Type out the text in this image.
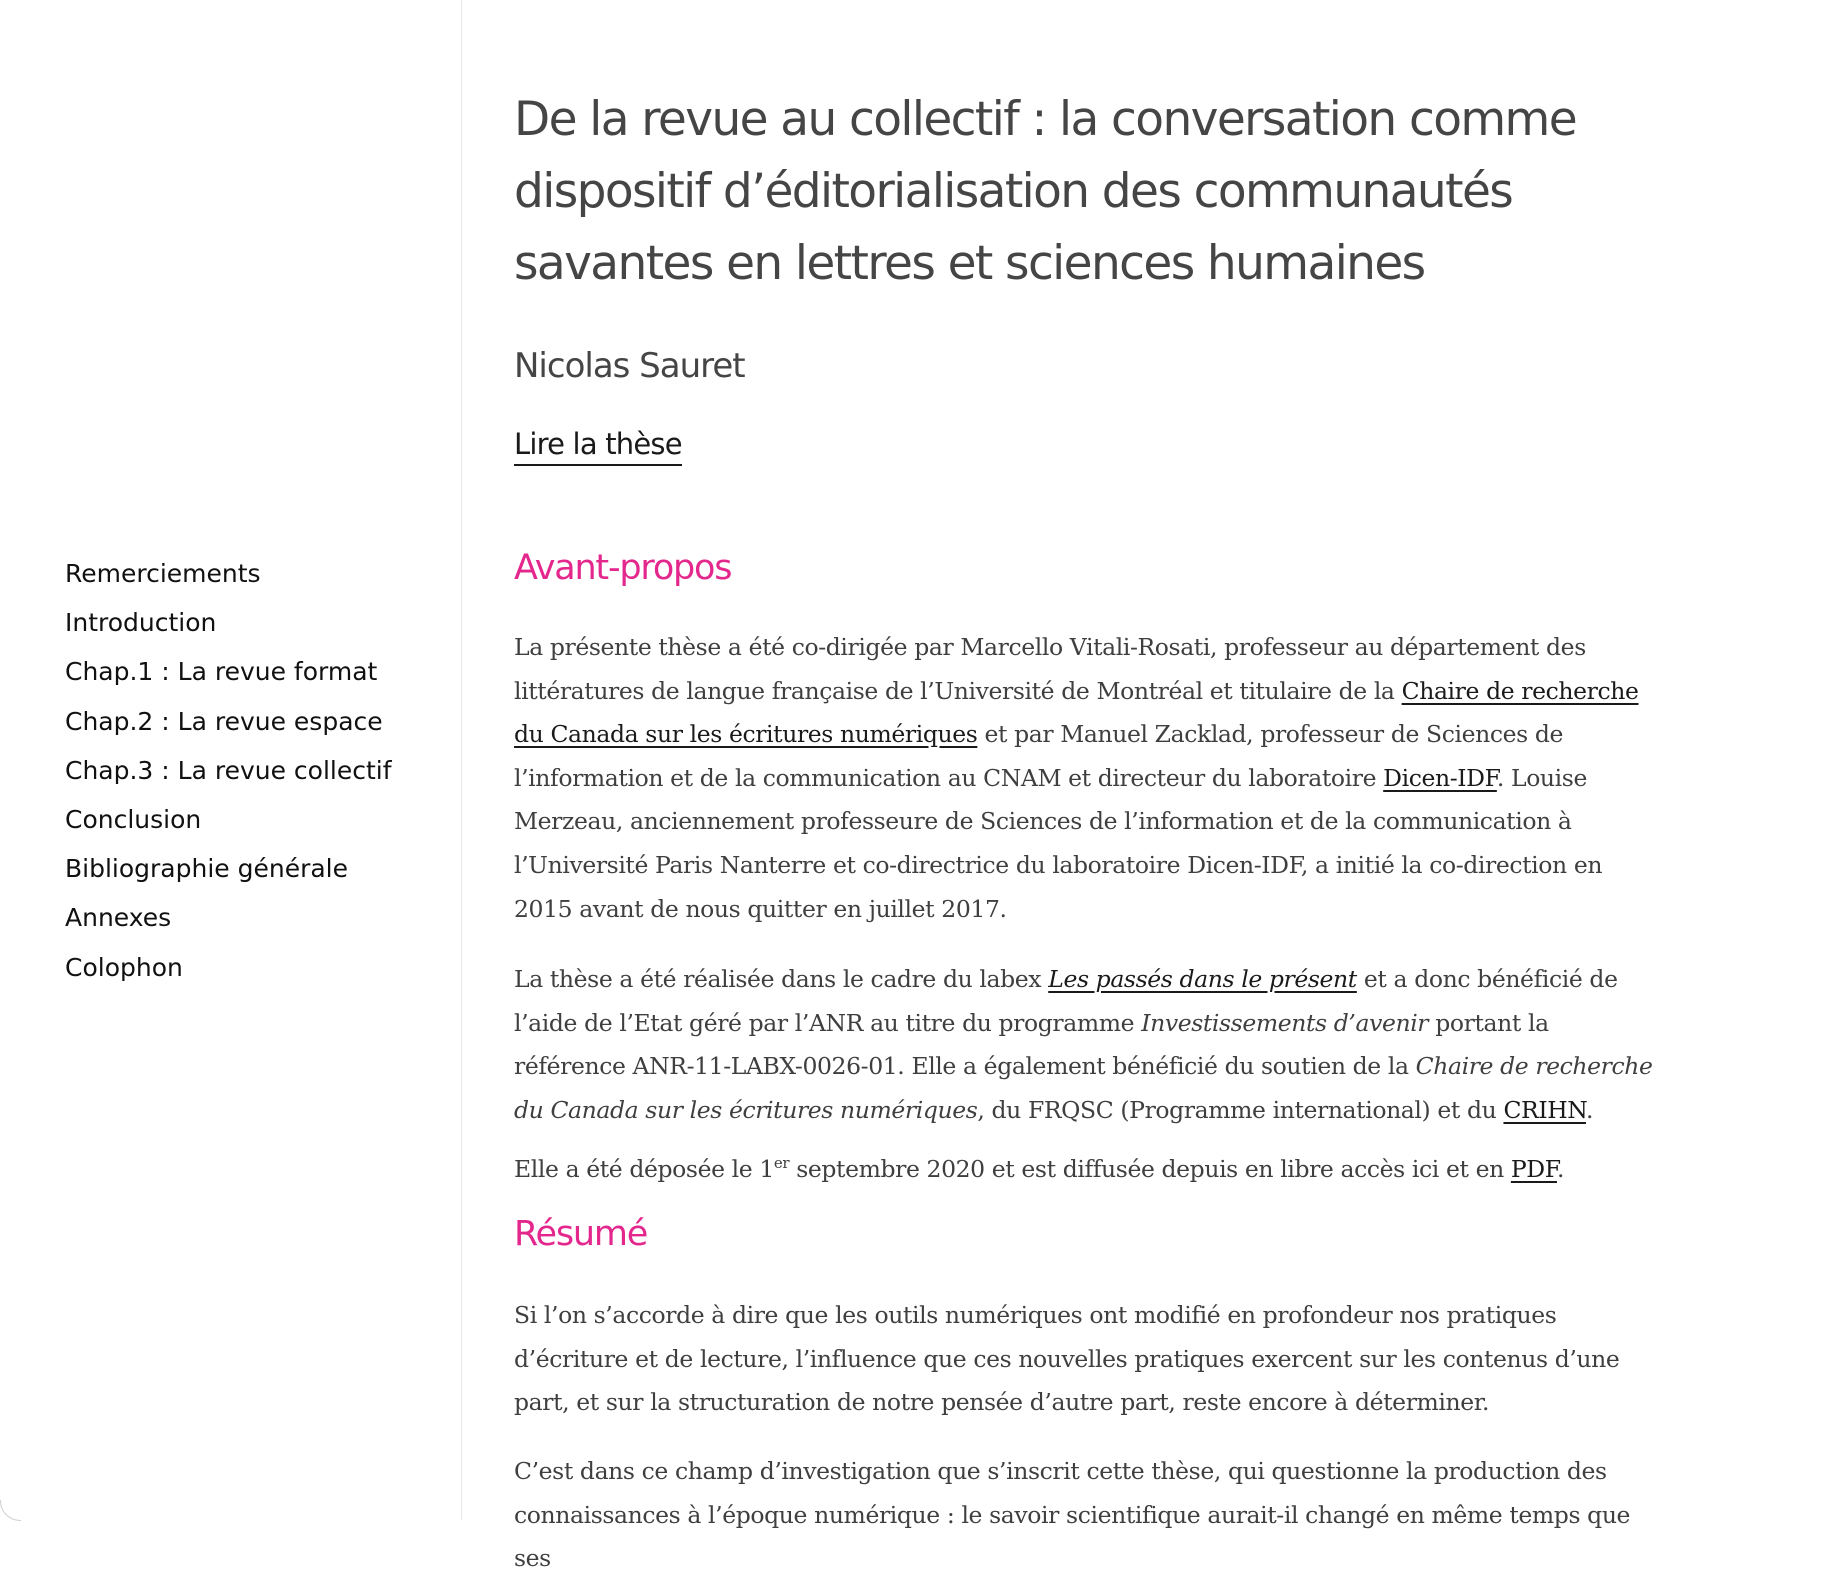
Remerciements
Introduction
Chap.1 : La revue format
Chap.2 : La revue espace
Chap.3 : La revue collectif
Conclusion
Bibliographie générale
Annexes
Colophon
De la revue au collectif : la conversation comme dispositif d’éditorialisation des communautés savantes en lettres et sciences humaines
Nicolas Sauret
Lire la thèse
Avant-propos

La présente thèse a été co-dirigée par Marcello Vitali-Rosati, professeur au département des littératures de langue française de l’Université de Montréal et titulaire de la Chaire de recherche du Canada sur les écritures numériques et par Manuel Zacklad, professeur de Sciences de l’information et de la communication au CNAM et directeur du laboratoire Dicen-IDF. Louise Merzeau, anciennement professeure de Sciences de l’information et de la communication à l’Université Paris Nanterre et co-directrice du laboratoire Dicen-IDF, a initié la co-direction en 2015 avant de nous quitter en juillet 2017.

La thèse a été réalisée dans le cadre du labex Les passés dans le présent et a donc bénéficié de l’aide de l’Etat géré par l’ANR au titre du programme Investissements d’avenir portant la référence ANR-11-LABX-0026-01. Elle a également bénéficié du soutien de la Chaire de recherche du Canada sur les écritures numériques, du FRQSC (Programme international) et du CRIHN.

Elle a été déposée le 1er septembre 2020 et est diffusée depuis en libre accès ici et en PDF.

Résumé

Si l’on s’accorde à dire que les outils numériques ont modifié en profondeur nos pratiques d’écriture et de lecture, l’influence que ces nouvelles pratiques exercent sur les contenus d’une part, et sur la structuration de notre pensée d’autre part, reste encore à déterminer.

C’est dans ce champ d’investigation que s’inscrit cette thèse, qui questionne la production des connaissances à l’époque numérique : le savoir scientifique aurait-il changé en même temps que ses
